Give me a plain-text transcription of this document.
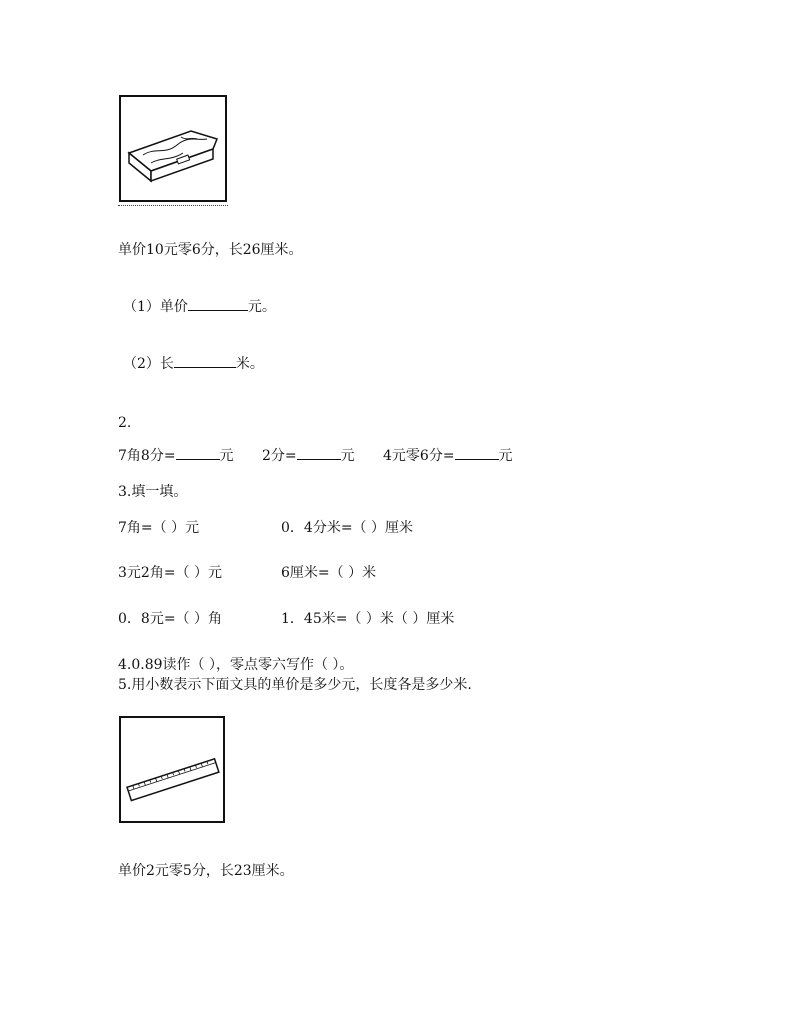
单价10元零6分，长26厘米。
（1）单价	元。
（2）长	米。
2.
7角8分=	元 2分=	元 4元零6分=	元
3.填一填。
7角=（ ）元	0．4分米=（ ）厘米
3元2角=（ ）元	6厘米=（ ）米
0．8元=（ ）角	1．45米=（ ）米（ ）厘米
4.0.89读作（ ），零点零六写作（ ）。
5.用小数表示下面文具的单价是多少元，长度各是多少米.
单价2元零5分，长23厘米。
